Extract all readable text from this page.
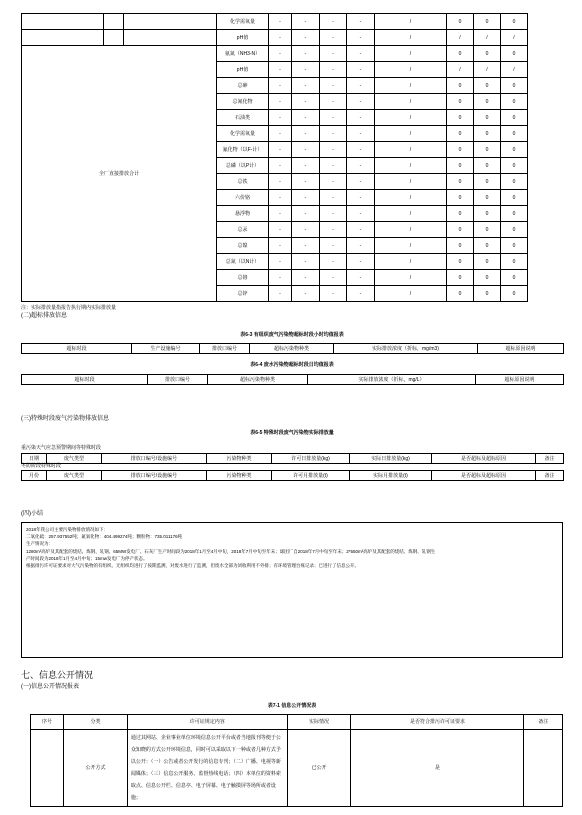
			化学需氧量	-	-	-	-	/	0	0	0
			pH值	-	-	-	-	/	/	/	/
全厂直接排放合计			氨氮（NH3-N）	-	-	-	-	/	0	0	0
			pH值	-	-	-	-	/	/	/	/
			总砷	-	-	-	-	/	0	0	0
			总氰化物	-	-	-	-	/	0	0	0
			石油类	-	-	-	-	/	0	0	0
			化学需氧量	-	-	-	-	/	0	0	0
			氟化物（以F-计）	-	-	-	-	/	0	0	0
			总磷（以P计）	-	-	-	-	/	0	0	0
			总铁	-	-	-	-	/	0	0	0
			六价铬	-	-	-	-	/	0	0	0
			悬浮物	-	-	-	-	/	0	0	0
			总汞	-	-	-	-	/	0	0	0
			总镍	-	-	-	-	/	0	0	0
			总氮（以N计）	-	-	-	-	/	0	0	0
			总铬	-	-	-	-	/	0	0	0
			总锌	-	-	-	-	/	0	0	0
注：实际排放量指报告执行期内实际排放量
(二)超标排放信息
表6-3 有组织废气污染物超标时段小时均值报表
超标时段	生产设施编号	排放口编号	超标污染物种类	实际排放浓度（折标，mg/m3)	超标原因说明
表6-4 废水污染物超标时段日均值报表
超标时段	排放口编号	超标污染物种类	实际排放浓度（折标，mg/L）	超标原因说明
(三)特殊时段废气污染物排放信息
表6-5 特殊时段废气污染物实际排放量
重污染天气应急预警期间等特殊时段
日期	废气类型	排放口编号/设施编号	污染物种类	许可日排放量(kg)	实际日排放量(kg)	是否超标及超标原因	备注
冬防阶段特殊时段
月份	废气类型	排放口编号/设施编号	污染物种类	许可月排放量(t)	实际月排放量(t)	是否超标及超标原因	备注
(四)小结
2018年我公司主要污染物排放情况如下：
二氧化硫：257.937552吨；氮氧化物：404.499274吨；颗粒物：735.011176吨
生产情况为：
1280m³高炉及其配套的烧结、炼钢、轧钢、65MW发电厂、石灰厂生产时间段为2018年1月至4月中旬，2018年7月中旬至年末；球团厂自2018年7月中旬至年末；2*550m³高炉及其配套的烧结、炼钢、轧钢生
产时间段为2018年1月至4月中旬；15mw发电厂为停产状态。
根据排污许可证要求对大气污染物的有组织、无组织均进行了按期监测，对废水进行了监测，但废水全部为闭收利用不外排；有环境管理台账记录；已进行了信息公开。
七、信息公开情况
(一)信息公开情况报表
表7-1 信息公开情况表
序号	分类	许可证规定内容	实际情况	是否符合排污许可证要求	备注
	公开方式	通过其网站、企业事业单位环境信息公开平台或者当地报刊等便于公众知晓的方式公开环境信息，同时可以采取以下一种或者几种方式予以公开：（一）公告或者公开发行的信息专刊；（二）广播、电视等新闻媒体；（三）信息公开服务、监督热线电话；（四）本单位的资料索取点、信息公开栏、信息亭、电子屏幕、电子触摸屏等场所或者设施；	已公开	是	
